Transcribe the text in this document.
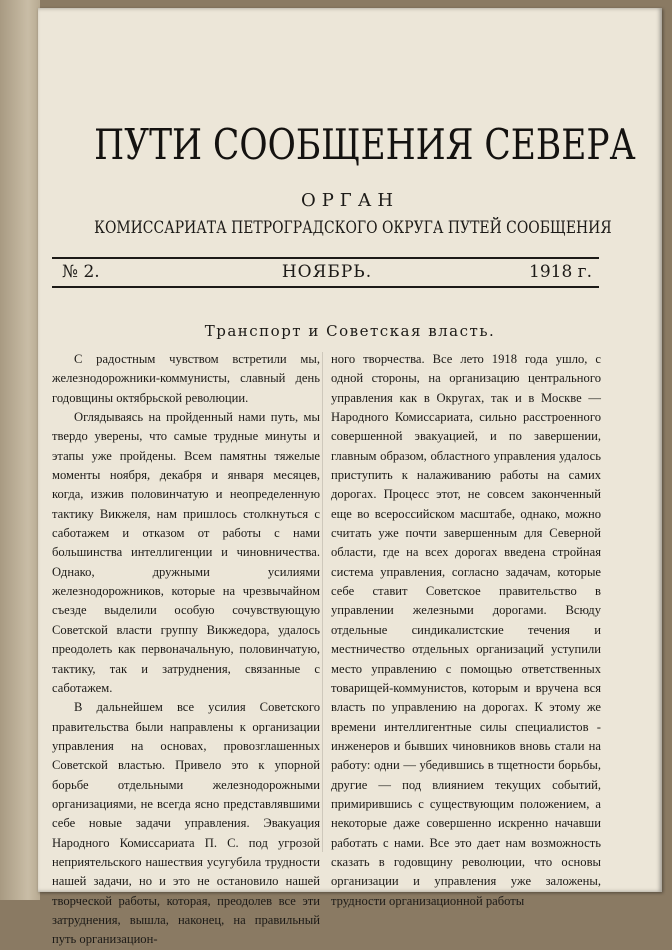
ПУТИ СООБЩЕНИЯ СЕВЕРА
ОРГАН
КОМИССАРИАТА ПЕТРОГРАДСКОГО ОКРУГА ПУТЕЙ СООБЩЕНИЯ
№ 2.	НОЯБРЬ.	1918 г.
Транспорт и Советская власть.

С радостным чувством встретили мы, железнодорожники-коммунисты, славный день годовщины октябрьской революции.

Оглядываясь на пройденный нами путь, мы твердо уверены, что самые трудные минуты и этапы уже пройдены. Всем памятны тяжелые моменты ноября, декабря и января месяцев, когда, изжив половинчатую и неопределенную тактику Викжеля, нам пришлось столкнуться с саботажем и отказом от работы с нами большинства интеллигенции и чиновничества. Однако, дружными усилиями железнодорожников, которые на чрезвычайном съезде выделили особую сочувствующую Советской власти группу Викжедора, удалось преодолеть как первоначальную, половинчатую, тактику, так и затруднения, связанные с саботажем.

В дальнейшем все усилия Советского правительства были направлены к организации управления на основах, провозглашенных Советской властью. Привело это к упорной борьбе отдельными железнодорожными организациями, не всегда ясно представлявшими себе новые задачи управления. Эвакуация Народного Комиссариата П. С. под угрозой неприятельского нашествия усугубила трудности нашей задачи, но и это не остановило нашей творческой работы, которая, преодолев все эти затруднения, вышла, наконец, на правильный путь организацион-

ного творчества. Все лето 1918 года ушло, с одной стороны, на организацию центрального управления как в Округах, так и в Москве — Народного Комиссариата, сильно расстроенного совершенной эвакуацией, и по завершении, главным образом, областного управления удалось приступить к налаживанию работы на самих дорогах. Процесс этот, не совсем законченный еще во всероссийском масштабе, однако, можно считать уже почти завершенным для Северной области, где на всех дорогах введена стройная система управления, согласно задачам, которые себе ставит Советское правительство в управлении железными дорогами. Всюду отдельные синдикалистские течения и местничество отдельных организаций уступили место управлению с помощью ответственных товарищей-коммунистов, которым и вручена вся власть по управлению на дорогах. К этому же времени интеллигентные силы специалистов - инженеров и бывших чиновников вновь стали на работу: одни — убедившись в тщетности борьбы, другие — под влиянием текущих событий, примирившись с существующим положением, а некоторые даже совершенно искренно начавши работать с нами. Все это дает нам возможность сказать в годовщину революции, что основы организации и управления уже заложены, трудности организационной работы
